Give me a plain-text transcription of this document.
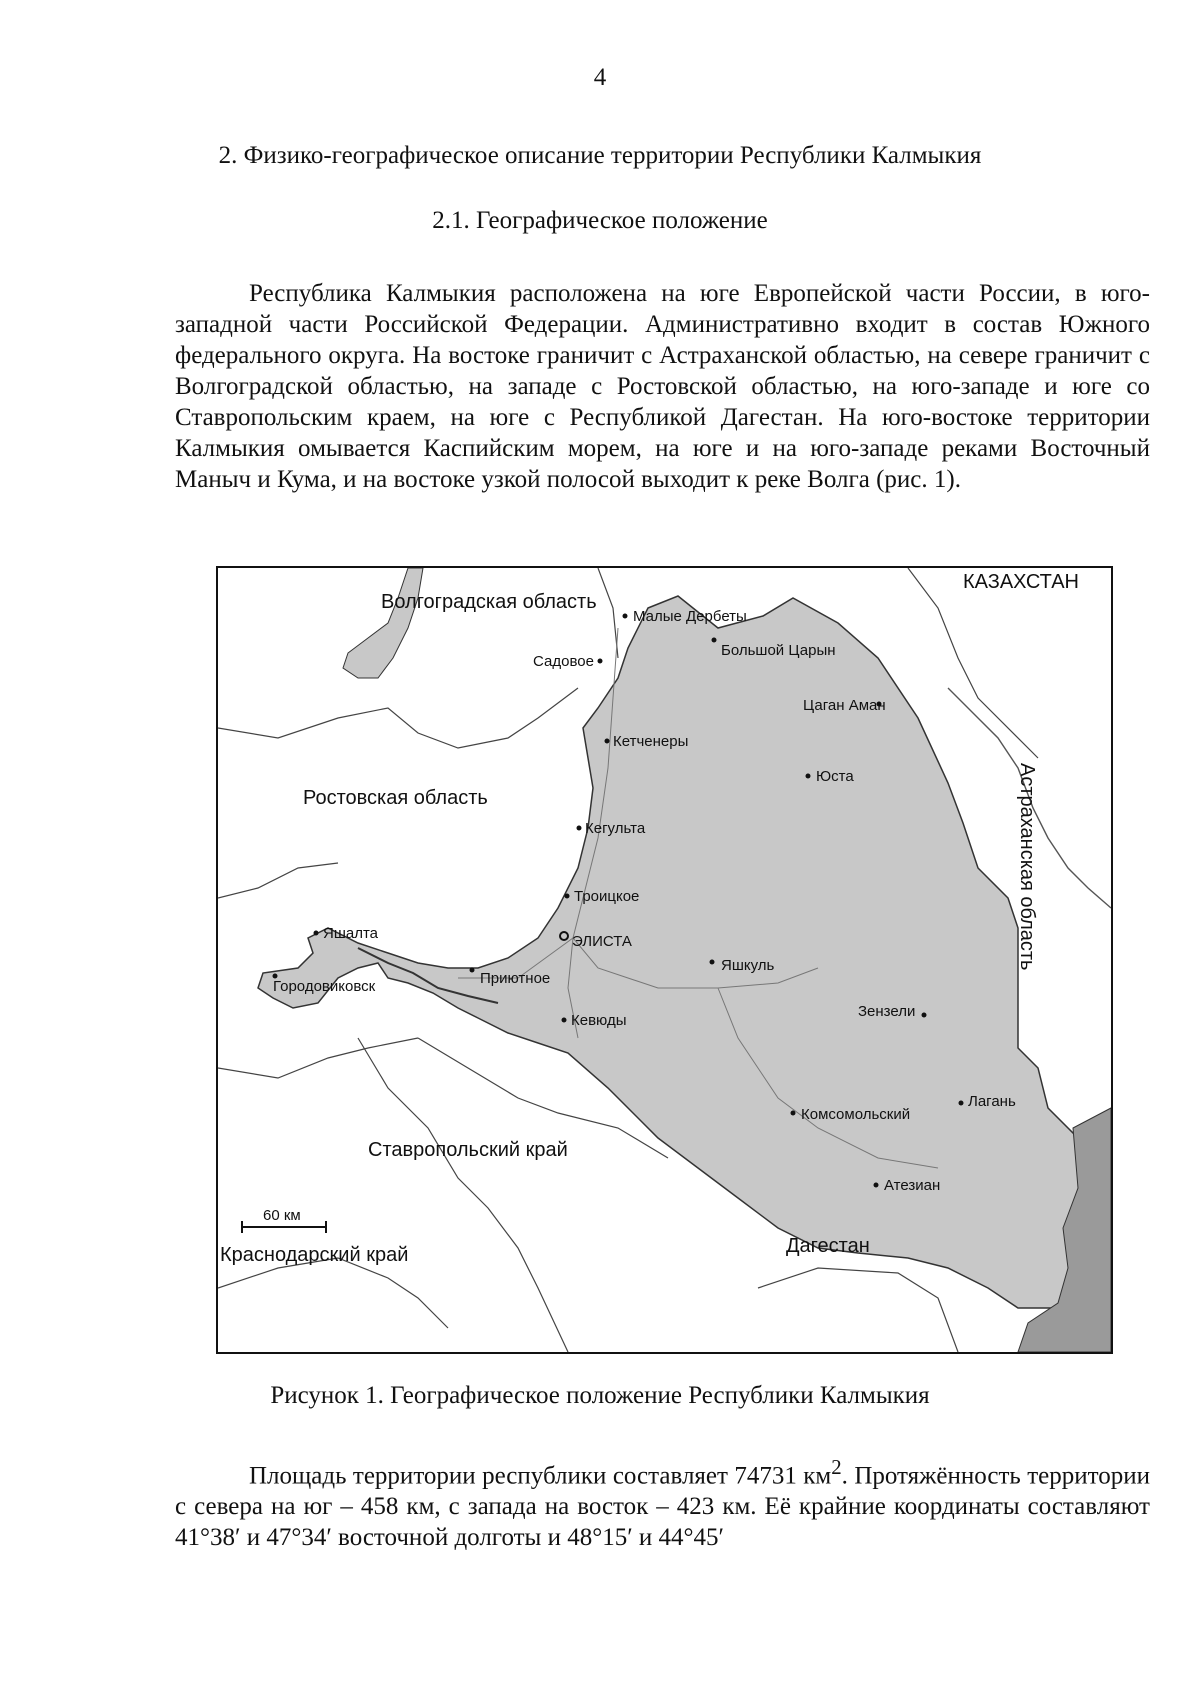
4
2. Физико-географическое описание территории Республики Калмыкия
2.1. Географическое положение

Республика Калмыкия расположена на юге Европейской части России, в юго-западной части Российской Федерации. Административно входит в состав Южного федерального округа. На востоке граничит с Астраханской областью, на севере граничит с Волгоградской областью, на западе с Ростовской областью, на юго-западе и юге со Ставропольским краем, на юге с Республикой Дагестан. На юго-востоке территории Калмыкия омывается Каспийским морем, на юге и на юго-западе реками Восточный Маныч и Кума, и на востоке узкой полосой выходит к реке Волга (рис. 1).

КАЗАХСТАН
Волгоградская область
Ростовская область	Астраханская область
Ставропольский край
Краснодарский край	Дагестан
Малые Дербеты
Большой Царын
Садовое
Цаган Аман
Кетченеры
Юста
Кегульта
Троицкое
ЭЛИСТА
Яшалта
Городовиковск	Приютное
Яшкуль
Кевюды
Зензели
Лагань
Комсомольский
Атезиан
60 км

Рисунок 1. Географическое положение Республики Калмыкия

Площадь территории республики составляет 74731 $км^2$. Протяжённость территории с севера на юг – 458 км, с запада на восток – 423 км. Её крайние координаты составляют 41°38′ и 47°34′ восточной долготы и 48°15′ и 44°45′
